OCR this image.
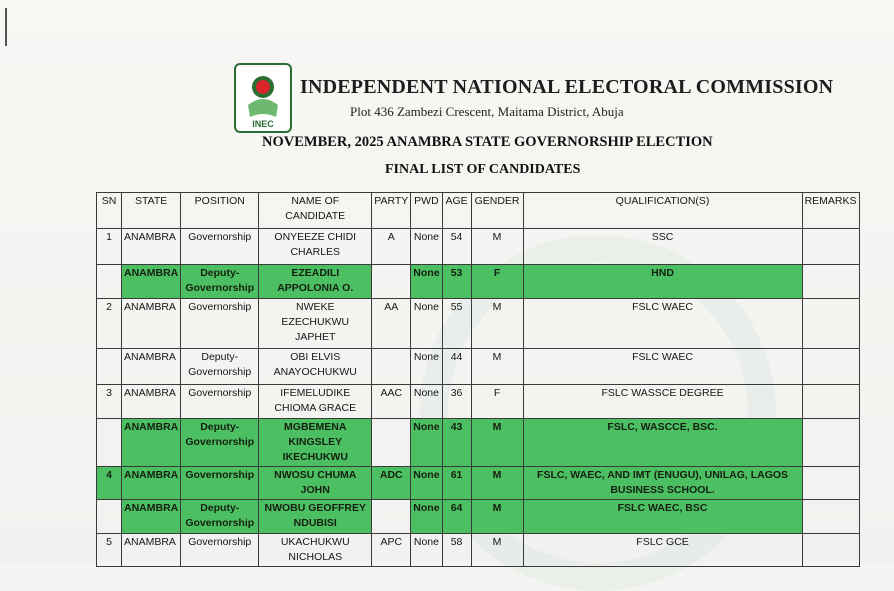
INEC
INDEPENDENT NATIONAL ELECTORAL COMMISSION
Plot 436 Zambezi Crescent, Maitama District, Abuja
NOVEMBER, 2025 ANAMBRA STATE GOVERNORSHIP ELECTION
FINAL LIST OF CANDIDATES
SN	STATE	POSITION	NAME OF CANDIDATE	PARTY	PWD	AGE	GENDER	QUALIFICATION(S)	REMARKS
1	ANAMBRA	Governorship	ONYEEZE CHIDI CHARLES	A	None	54	M	SSC	
	ANAMBRA	Deputy-Governorship	EZEADILI APPOLONIA O.		None	53	F	HND	
2	ANAMBRA	Governorship	NWEKE EZECHUKWU JAPHET	AA	None	55	M	FSLC WAEC	
	ANAMBRA	Deputy-Governorship	OBI ELVIS ANAYOCHUKWU		None	44	M	FSLC WAEC	
3	ANAMBRA	Governorship	IFEMELUDIKE CHIOMA GRACE	AAC	None	36	F	FSLC WASSCE DEGREE	
	ANAMBRA	Deputy-Governorship	MGBEMENA KINGSLEY IKECHUKWU		None	43	M	FSLC, WASCCE, BSC.	
4	ANAMBRA	Governorship	NWOSU CHUMA JOHN	ADC	None	61	M	FSLC, WAEC, AND IMT (ENUGU), UNILAG, LAGOS BUSINESS SCHOOL.	
	ANAMBRA	Deputy-Governorship	NWOBU GEOFFREY NDUBISI		None	64	M	FSLC WAEC, BSC	
5	ANAMBRA	Governorship	UKACHUKWU NICHOLAS	APC	None	58	M	FSLC GCE	
